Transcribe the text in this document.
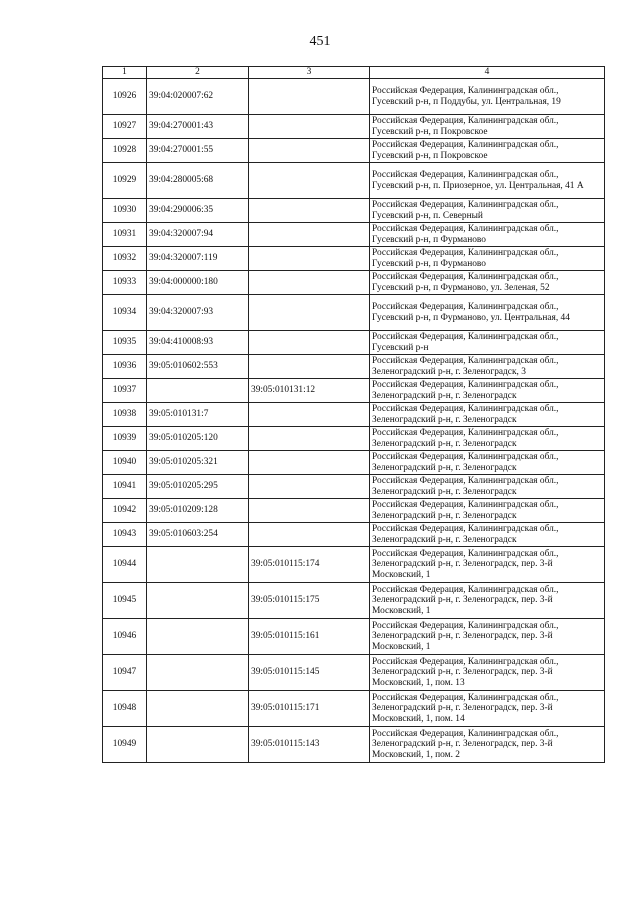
451
1	2	3	4
10926	39:04:020007:62		Российская Федерация, Калининградская обл., Гусевский р-н, п Поддубы, ул. Центральная, 19
10927	39:04:270001:43		Российская Федерация, Калининградская обл., Гусевский р-н, п Покровское
10928	39:04:270001:55		Российская Федерация, Калининградская обл., Гусевский р-н, п Покровское
10929	39:04:280005:68		Российская Федерация, Калининградская обл., Гусевский р-н, п. Приозерное, ул. Центральная, 41 А
10930	39:04:290006:35		Российская Федерация, Калининградская обл., Гусевский р-н, п. Северный
10931	39:04:320007:94		Российская Федерация, Калининградская обл., Гусевский р-н, п Фурманово
10932	39:04:320007:119		Российская Федерация, Калининградская обл., Гусевский р-н, п Фурманово
10933	39:04:000000:180		Российская Федерация, Калининградская обл., Гусевский р-н, п Фурманово, ул. Зеленая, 52
10934	39:04:320007:93		Российская Федерация, Калининградская обл., Гусевский р-н, п Фурманово, ул. Центральная, 44
10935	39:04:410008:93		Российская Федерация, Калининградская обл., Гусевский р-н
10936	39:05:010602:553		Российская Федерация, Калининградская обл., Зеленоградский р-н, г. Зеленоградск, 3
10937		39:05:010131:12	Российская Федерация, Калининградская обл., Зеленоградский р-н, г. Зеленоградск
10938	39:05:010131:7		Российская Федерация, Калининградская обл., Зеленоградский р-н, г. Зеленоградск
10939	39:05:010205:120		Российская Федерация, Калининградская обл., Зеленоградский р-н, г. Зеленоградск
10940	39:05:010205:321		Российская Федерация, Калининградская обл., Зеленоградский р-н, г. Зеленоградск
10941	39:05:010205:295		Российская Федерация, Калининградская обл., Зеленоградский р-н, г. Зеленоградск
10942	39:05:010209:128		Российская Федерация, Калининградская обл., Зеленоградский р-н, г. Зеленоградск
10943	39:05:010603:254		Российская Федерация, Калининградская обл., Зеленоградский р-н, г. Зеленоградск
10944		39:05:010115:174	Российская Федерация, Калининградская обл., Зеленоградский р-н, г. Зеленоградск, пер. 3-й Московский, 1
10945		39:05:010115:175	Российская Федерация, Калининградская обл., Зеленоградский р-н, г. Зеленоградск, пер. 3-й Московский, 1
10946		39:05:010115:161	Российская Федерация, Калининградская обл., Зеленоградский р-н, г. Зеленоградск, пер. 3-й Московский, 1
10947		39:05:010115:145	Российская Федерация, Калининградская обл., Зеленоградский р-н, г. Зеленоградск, пер. 3-й Московский, 1, пом. 13
10948		39:05:010115:171	Российская Федерация, Калининградская обл., Зеленоградский р-н, г. Зеленоградск, пер. 3-й Московский, 1, пом. 14
10949		39:05:010115:143	Российская Федерация, Калининградская обл., Зеленоградский р-н, г. Зеленоградск, пер. 3-й Московский, 1, пом. 2
